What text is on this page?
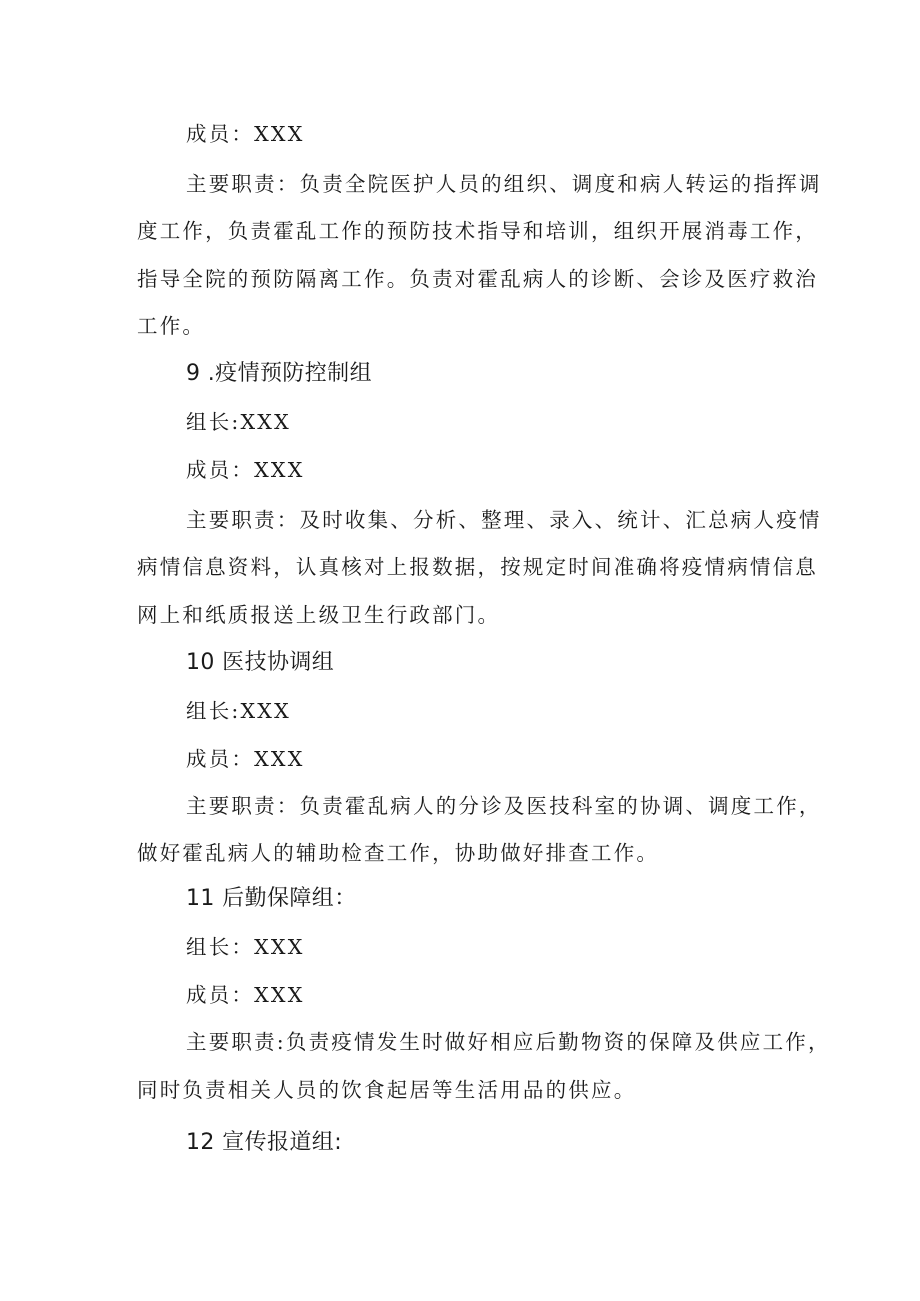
成员：XXX
主要职责：负责全院医护人员的组织、调度和病人转运的指挥调
度工作，负责霍乱工作的预防技术指导和培训，组织开展消毒工作，
指导全院的预防隔离工作。负责对霍乱病人的诊断、会诊及医疗救治
工作。
9 .疫情预防控制组
组长:XXX
成员：XXX
主要职责：及时收集、分析、整理、录入、统计、汇总病人疫情
病情信息资料，认真核对上报数据，按规定时间准确将疫情病情信息
网上和纸质报送上级卫生行政部门。
10 医技协调组
组长:XXX
成员：XXX
主要职责：负责霍乱病人的分诊及医技科室的协调、调度工作，
做好霍乱病人的辅助检查工作，协助做好排查工作。
11 后勤保障组：
组长：XXX
成员：XXX
主要职责:负责疫情发生时做好相应后勤物资的保障及供应工作，
同时负责相关人员的饮食起居等生活用品的供应。
12 宣传报道组:
